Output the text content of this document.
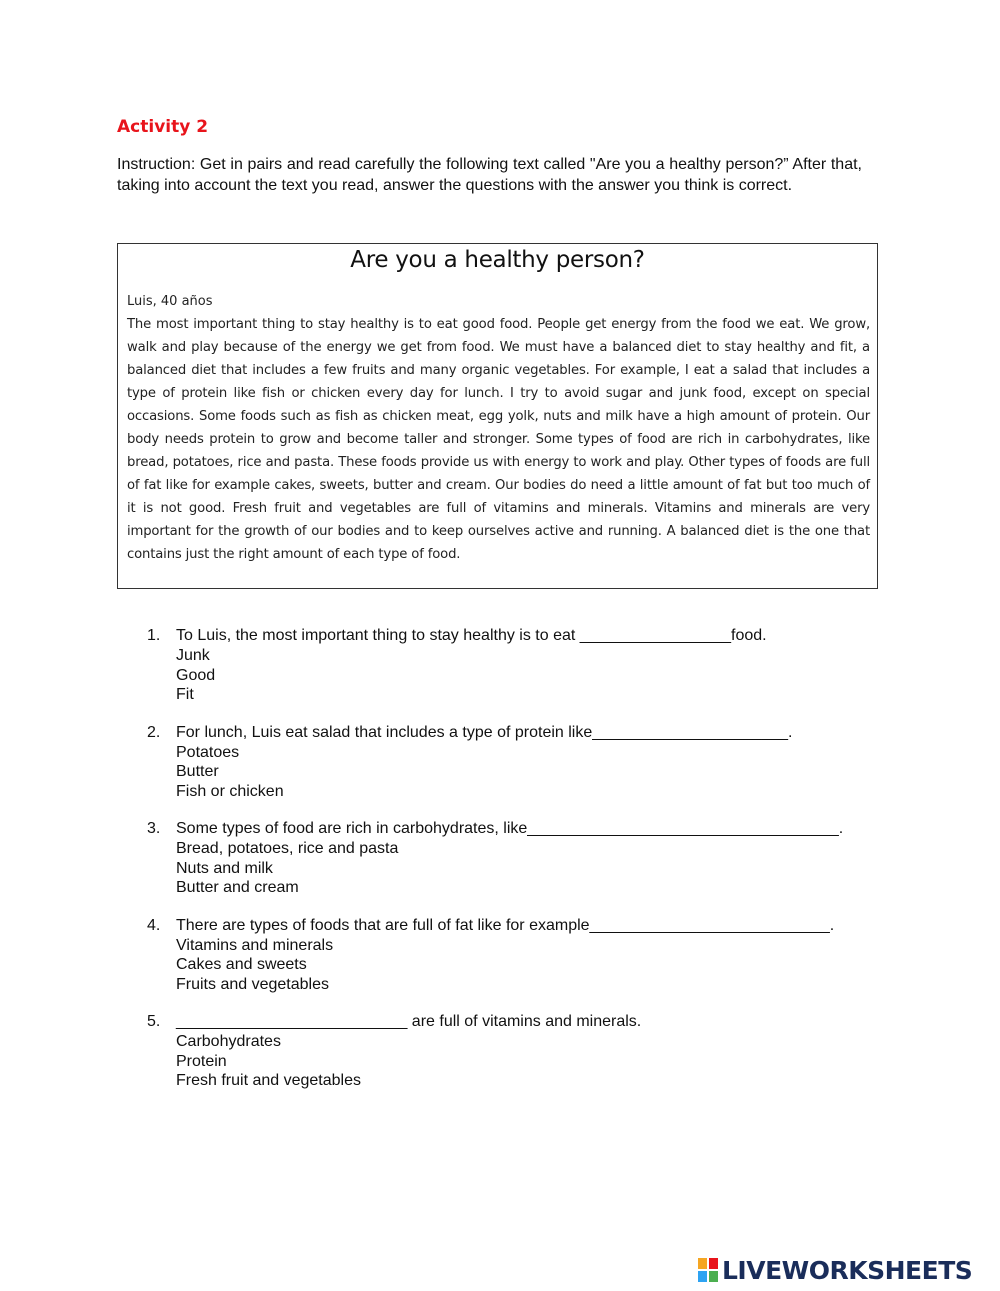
Activity 2
Instruction: Get in pairs and read carefully the following text called "Are you a healthy person?” After that, taking into account the text you read, answer the questions with the answer you think is correct.
Are you a healthy person?
Luis, 40 años
The most important thing to stay healthy is to eat good food. People get energy from the food we eat. We grow, walk and play because of the energy we get from food. We must have a balanced diet to stay healthy and fit, a balanced diet that includes a few fruits and many organic vegetables. For example, I eat a salad that includes a type of protein like fish or chicken every day for lunch. I try to avoid sugar and junk food, except on special occasions. Some foods such as fish as chicken meat, egg yolk, nuts and milk have a high amount of protein. Our body needs protein to grow and become taller and stronger. Some types of food are rich in carbohydrates, like bread, potatoes, rice and pasta. These foods provide us with energy to work and play. Other types of foods are full of fat like for example cakes, sweets, butter and cream. Our bodies do need a little amount of fat but too much of it is not good. Fresh fruit and vegetables are full of vitamins and minerals. Vitamins and minerals are very important for the growth of our bodies and to keep ourselves active and running. A balanced diet is the one that contains just the right amount of each type of food.
1. To Luis, the most important thing to stay healthy is to eat _________________food.
Junk
Good
Fit
2. For lunch, Luis eat salad that includes a type of protein like______________________.
Potatoes
Butter
Fish or chicken
3. Some types of food are rich in carbohydrates, like___________________________________.
Bread, potatoes, rice and pasta
Nuts and milk
Butter and cream
4. There are types of foods that are full of fat like for example___________________________.
Vitamins and minerals
Cakes and sweets
Fruits and vegetables
5. __________________________ are full of vitamins and minerals.
Carbohydrates
Protein
Fresh fruit and vegetables
LIVEWORKSHEETS
